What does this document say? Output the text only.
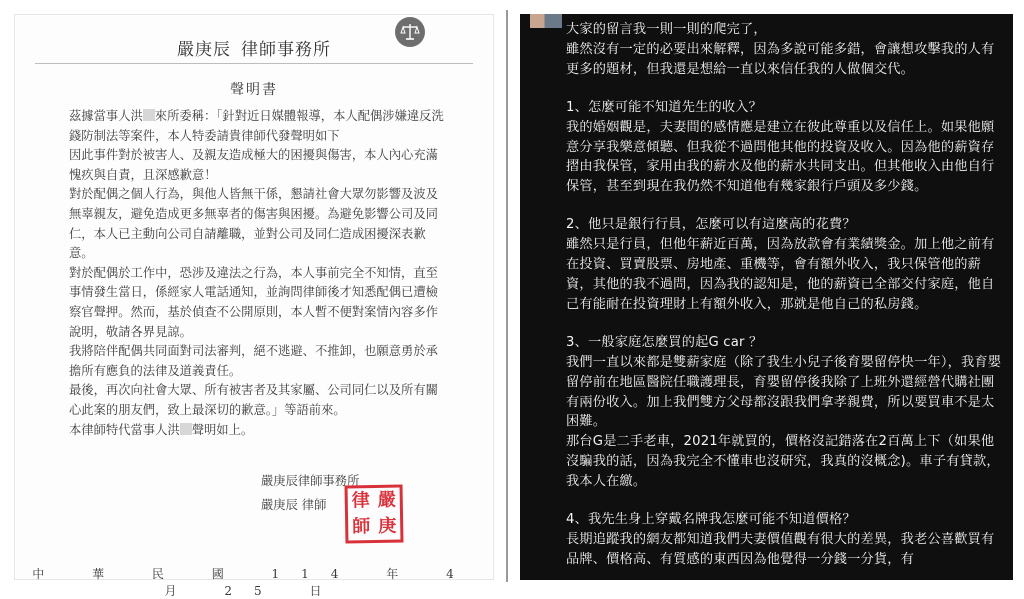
嚴庚辰 律師事務所
聲明書

茲據當事人洪 來所委稱：「針對近日媒體報導，本人配偶涉嫌違反洗錢防制法等案件，本人特委請貴律師代發聲明如下

因此事件對於被害人、及親友造成極大的困擾與傷害，本人內心充滿愧疚與自責，且深感歉意！

對於配偶之個人行為，與他人皆無干係，懇請社會大眾勿影響及波及無辜親友，避免造成更多無辜者的傷害與困擾。為避免影響公司及同仁，本人已主動向公司自請離職，並對公司及同仁造成困擾深表歉意。

對於配偶於工作中，恐涉及違法之行為，本人事前完全不知情，直至事情發生當日，係經家人電話通知，並詢問律師後才知悉配偶已遭檢察官聲押。然而，基於偵查不公開原則，本人暫不便對案情內容多作說明，敬請各界見諒。

我將陪伴配偶共同面對司法審判，絕不逃避、不推卸，也願意勇於承擔所有應負的法律及道義責任。

最後，再次向社會大眾、所有被害者及其家屬、公司同仁以及所有關心此案的朋友們，致上最深切的歉意。」等語前來。

本律師特代當事人洪 聲明如上。

嚴庚辰律師事務所
嚴庚辰 律師 律 嚴
師 庚
中 華 民 國 114 年 4 月 25 日

大家的留言我一則一則的爬完了，

雖然沒有一定的必要出來解釋，因為多說可能多錯，會讓想攻擊我的人有更多的題材，但我還是想給一直以來信任我的人做個交代。

1、怎麼可能不知道先生的收入？

我的婚姻觀是，夫妻間的感情應是建立在彼此尊重以及信任上。如果他願意分享我樂意傾聽、但我從不過問他其他的投資及收入。因為他的薪資存摺由我保管，家用由我的薪水及他的薪水共同支出。但其他收入由他自行保管，甚至到現在我仍然不知道他有幾家銀行戶頭及多少錢。

2、他只是銀行行員，怎麼可以有這麼高的花費？

雖然只是行員，但他年薪近百萬，因為放款會有業績獎金。加上他之前有在投資、買賣股票、房地產、重機等，會有額外收入，我只保管他的薪資，其他的我不過問，因為我的認知是，他的薪資已全部交付家庭，他自己有能耐在投資理財上有額外收入，那就是他自己的私房錢。

3、一般家庭怎麼買的起G car ？

我們一直以來都是雙薪家庭（除了我生小兒子後育嬰留停快一年），我育嬰留停前在地區醫院任職護理長，育嬰留停後我除了上班外還經營代購社團有兩份收入。加上我們雙方父母都沒跟我們拿孝親費，所以要買車不是太困難。

那台G是二手老車，2021年就買的，價格沒記錯落在2百萬上下（如果他沒騙我的話，因為我完全不懂車也沒研究，我真的沒概念)。車子有貸款，我本人在繳。

4、我先生身上穿戴名牌我怎麼可能不知道價格？

長期追蹤我的網友都知道我們夫妻價值觀有很大的差異，我老公喜歡買有品牌、價格高、有質感的東西因為他覺得一分錢一分貨，有
